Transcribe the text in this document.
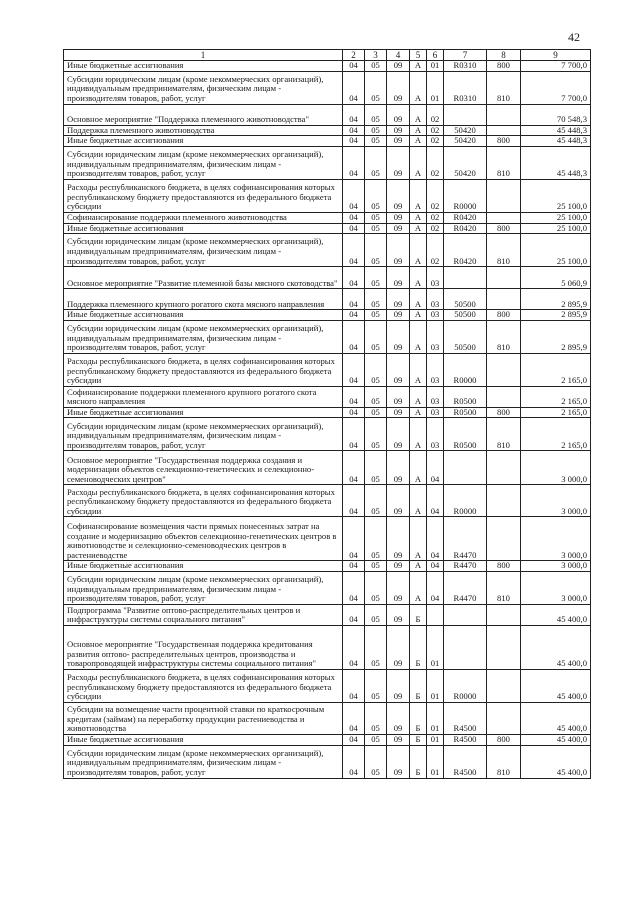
42
1	2	3	4	5	6	7	8	9
Иные бюджетные ассигнования	04	05	09	А	01	R0310	800	7 700,0
Субсидии юридическим лицам (кроме некоммерческих организаций), индивидуальным предпринимателям, физическим лицам - производителям товаров, работ, услуг	04	05	09	А	01	R0310	810	7 700,0
Основное мероприятие "Поддержка племенного животноводства"	04	05	09	А	02			70 548,3
Поддержка племенного животноводства	04	05	09	А	02	50420		45 448,3
Иные бюджетные ассигнования	04	05	09	А	02	50420	800	45 448,3
Субсидии юридическим лицам (кроме некоммерческих организаций), индивидуальным предпринимателям, физическим лицам - производителям товаров, работ, услуг	04	05	09	А	02	50420	810	45 448,3
Расходы республиканского бюджета, в целях софинансирования которых республиканскому бюджету предоставляются из федерального бюджета субсидии	04	05	09	А	02	R0000		25 100,0
Софинансирование поддержки племенного животноводства	04	05	09	А	02	R0420		25 100,0
Иные бюджетные ассигнования	04	05	09	А	02	R0420	800	25 100,0
Субсидии юридическим лицам (кроме некоммерческих организаций), индивидуальным предпринимателям, физическим лицам - производителям товаров, работ, услуг	04	05	09	А	02	R0420	810	25 100,0
Основное мероприятие "Развитие племенной базы мясного скотоводства"	04	05	09	А	03			5 060,9
Поддержка племенного крупного рогатого скота мясного направления	04	05	09	А	03	50500		2 895,9
Иные бюджетные ассигнования	04	05	09	А	03	50500	800	2 895,9
Субсидии юридическим лицам (кроме некоммерческих организаций), индивидуальным предпринимателям, физическим лицам - производителям товаров, работ, услуг	04	05	09	А	03	50500	810	2 895,9
Расходы республиканского бюджета, в целях софинансирования которых республиканскому бюджету предоставляются из федерального бюджета субсидии	04	05	09	А	03	R0000		2 165,0
Софинансирование поддержки племенного крупного рогатого скота мясного направления	04	05	09	А	03	R0500		2 165,0
Иные бюджетные ассигнования	04	05	09	А	03	R0500	800	2 165,0
Субсидии юридическим лицам (кроме некоммерческих организаций), индивидуальным предпринимателям, физическим лицам - производителям товаров, работ, услуг	04	05	09	А	03	R0500	810	2 165,0
Основное мероприятие "Государственная поддержка создания и модернизации объектов селекционно-генетических и селекционно-семеноводческих центров"	04	05	09	А	04			3 000,0
Расходы республиканского бюджета, в целях софинансирования которых республиканскому бюджету предоставляются из федерального бюджета субсидии	04	05	09	А	04	R0000		3 000,0
Софинансирование возмещения части прямых понесенных затрат на создание и модернизацию объектов селекционно-генетических центров в животноводстве и селекционно-семеноводческих центров в растениеводстве	04	05	09	А	04	R4470		3 000,0
Иные бюджетные ассигнования	04	05	09	А	04	R4470	800	3 000,0
Субсидии юридическим лицам (кроме некоммерческих организаций), индивидуальным предпринимателям, физическим лицам - производителям товаров, работ, услуг	04	05	09	А	04	R4470	810	3 000,0
Подпрограмма "Развитие оптово-распределительных центров и инфраструктуры системы социального питания"	04	05	09	Б				45 400,0
Основное мероприятие "Государственная поддержка кредитования развития оптово- распределительных центров, производства и товаропроводящей инфраструктуры системы социального питания"	04	05	09	Б	01			45 400,0
Расходы республиканского бюджета, в целях софинансирования которых республиканскому бюджету предоставляются из федерального бюджета субсидии	04	05	09	Б	01	R0000		45 400,0
Субсидии на возмещение части процентной ставки по краткосрочным кредитам (займам) на переработку продукции растениеводства и животноводства	04	05	09	Б	01	R4500		45 400,0
Иные бюджетные ассигнования	04	05	09	Б	01	R4500	800	45 400,0
Субсидии юридическим лицам (кроме некоммерческих организаций), индивидуальным предпринимателям, физическим лицам - производителям товаров, работ, услуг	04	05	09	Б	01	R4500	810	45 400,0
